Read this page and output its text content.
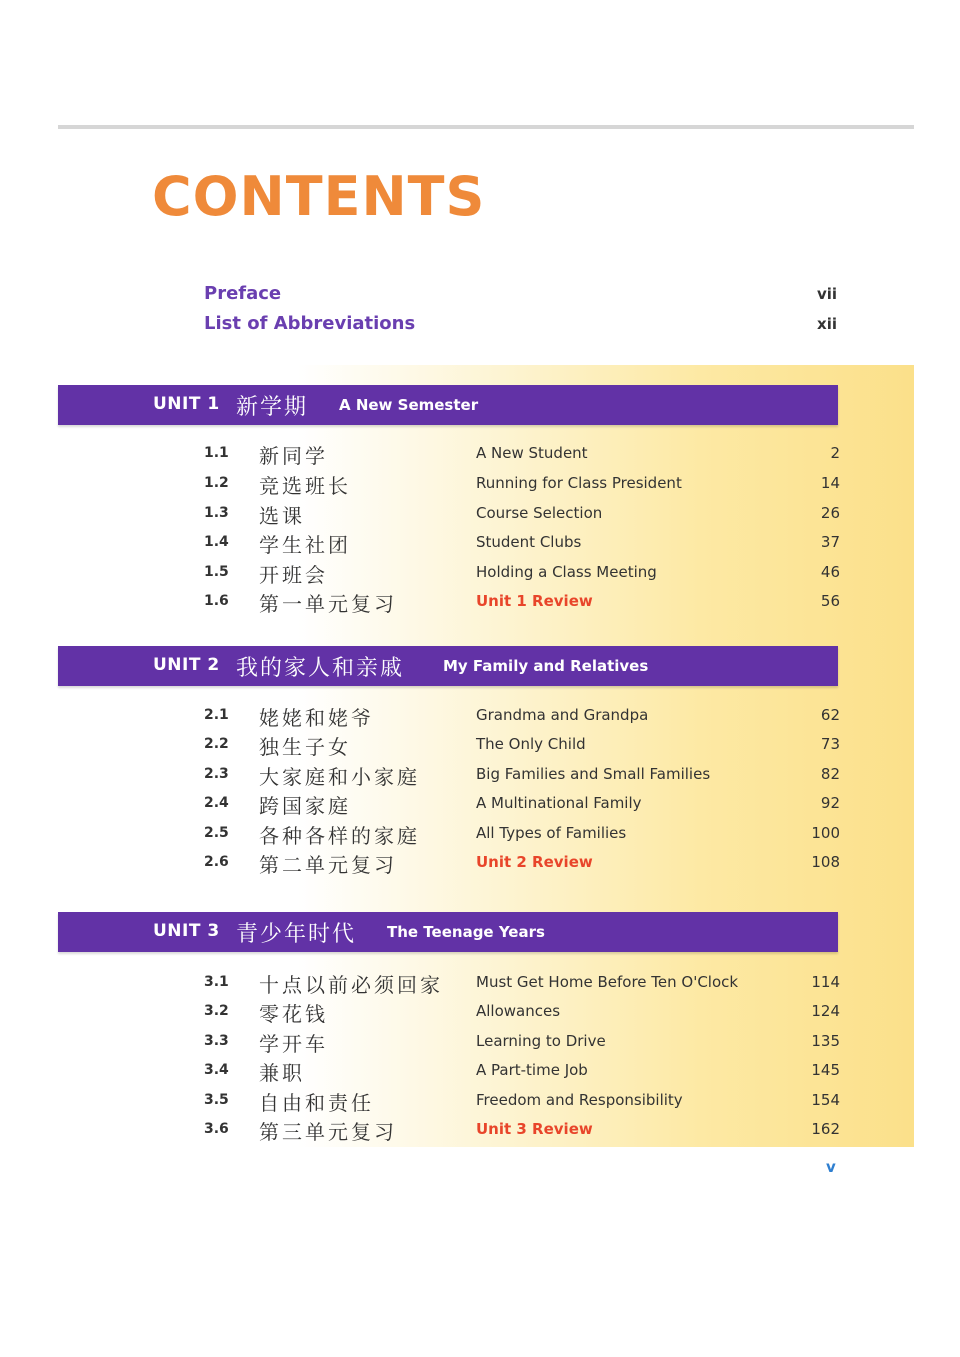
CONTENTS
Preface	vii
List of Abbreviations	xii
UNIT 1 新学期 A New Semester
1.1 新同学	A New Student	2
1.2 竞选班长	Running for Class President	14
1.3 选课	Course Selection	26
1.4 学生社团	Student Clubs	37
1.5 开班会	Holding a Class Meeting	46
1.6 第一单元复习	Unit 1 Review	56
UNIT 2 我的家人和亲戚	My Family and Relatives
2.1 姥姥和姥爷	Grandma and Grandpa	62
2.2 独生子女	The Only Child	73
2.3 大家庭和小家庭	Big Families and Small Families	82
2.4 跨国家庭	A Multinational Family	92
2.5 各种各样的家庭	All Types of Families	100
2.6 第二单元复习	Unit 2 Review	108
UNIT 3 青少年时代 The Teenage Years
3.1 十点以前必须回家 Must Get Home Before Ten O'Clock	114
3.2 零花钱	Allowances	124
3.3 学开车	Learning to Drive	135
3.4 兼职	A Part-time Job	145
3.5 自由和责任	Freedom and Responsibility	154
3.6 第三单元复习	Unit 3 Review	162
v
